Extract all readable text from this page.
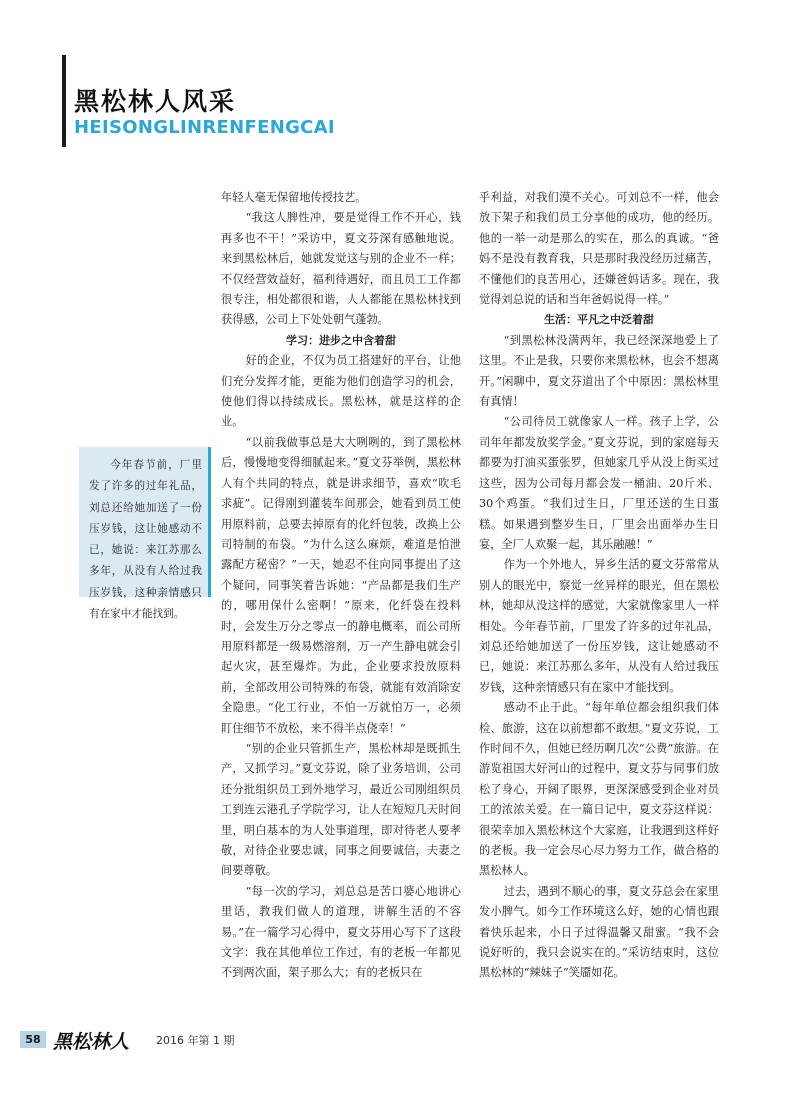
黑松林人风采
HEISONGLINRENFENGCAI
今年春节前，厂里发了许多的过年礼品，刘总还给她加送了一份压岁钱，这让她感动不已，她说：来江苏那么多年，从没有人给过我压岁钱，这种亲情感只有在家中才能找到。

年轻人毫无保留地传授技艺。

“我这人脾性冲，要是觉得工作不开心，钱再多也不干！”采访中，夏文芬深有感触地说。来到黑松林后，她就发觉这与别的企业不一样；不仅经营效益好，福利待遇好，而且员工工作都很专注，相处都很和谐，人人都能在黑松林找到获得感，公司上下处处朝气蓬勃。

学习：进步之中含着甜

好的企业，不仅为员工搭建好的平台，让他们充分发挥才能，更能为他们创造学习的机会，使他们得以持续成长。黑松林，就是这样的企业。

“以前我做事总是大大咧咧的，到了黑松林后，慢慢地变得细腻起来。”夏文芬举例，黑松林人有个共同的特点，就是讲求细节，喜欢“吹毛求疵”。记得刚到灌装车间那会，她看到员工使用原料前，总要去掉原有的化纤包装，改换上公司特制的布袋。“为什么这么麻烦，难道是怕泄露配方秘密？”一天，她忍不住向同事提出了这个疑问，同事笑着告诉她：“产品都是我们生产的，哪用保什么密啊！”原来，化纤袋在投料时，会发生万分之零点一的静电概率，而公司所用原料都是一级易燃溶剂，万一产生静电就会引起火灾，甚至爆炸。为此，企业要求投放原料前，全部改用公司特殊的布袋，就能有效消除安全隐患。“化工行业，不怕一万就怕万一，必须盯住细节不放松，来不得半点侥幸！”

“别的企业只管抓生产，黑松林却是既抓生产，又抓学习。”夏文芬说，除了业务培训，公司还分批组织员工到外地学习，最近公司刚组织员工到连云港孔子学院学习，让人在短短几天时间里，明白基本的为人处事道理，即对待老人要孝敬，对待企业要忠诚，同事之间要诚信，夫妻之间要尊敬。

“每一次的学习，刘总总是苦口婆心地讲心里话，教我们做人的道理，讲解生活的不容易。”在一篇学习心得中，夏文芬用心写下了这段文字：我在其他单位工作过，有的老板一年都见不到两次面，架子那么大；有的老板只在

乎利益，对我们漠不关心。可刘总不一样，他会放下架子和我们员工分享他的成功，他的经历。他的一举一动是那么的实在，那么的真诚。“爸妈不是没有教育我，只是那时我没经历过痛苦，不懂他们的良苦用心，还嫌爸妈话多。现在，我觉得刘总说的话和当年爸妈说得一样。”

生活：平凡之中泛着甜

“到黑松林没满两年，我已经深深地爱上了这里。不止是我，只要你来黑松林，也会不想离开。”闲聊中，夏文芬道出了个中原因：黑松林里有真情！

“公司待员工就像家人一样。孩子上学，公司年年都发放奖学金。”夏文芬说，到的家庭每天都要为打油买蛋张罗，但她家几乎从没上街买过这些，因为公司每月都会发一桶油、20斤米、30个鸡蛋。“我们过生日，厂里还送的生日蛋糕。如果遇到整岁生日，厂里会出面举办生日宴，全厂人欢聚一起，其乐融融！”

作为一个外地人，异乡生活的夏文芬常常从别人的眼光中，察觉一丝异样的眼光，但在黑松林，她却从没这样的感觉，大家就像家里人一样相处。今年春节前，厂里发了许多的过年礼品，刘总还给她加送了一份压岁钱，这让她感动不已，她说：来江苏那么多年，从没有人给过我压岁钱，这种亲情感只有在家中才能找到。

感动不止于此。“每年单位都会组织我们体检、旅游，这在以前想都不敢想。”夏文芬说，工作时间不久，但她已经历啊几次“公费”旅游。在游览祖国大好河山的过程中，夏文芬与同事们放松了身心，开阔了眼界，更深深感受到企业对员工的浓浓关爱。在一篇日记中，夏文芬这样说：很荣幸加入黑松林这个大家庭，让我遇到这样好的老板。我一定会尽心尽力努力工作，做合格的黑松林人。

过去，遇到不顺心的事，夏文芬总会在家里发小脾气。如今工作环境这么好，她的心情也跟着快乐起来，小日子过得温馨又甜蜜。“我不会说好听的，我只会说实在的。”采访结束时，这位黑松林的“辣妹子”笑靥如花。

58 黑松林人 2016 年第 1 期
